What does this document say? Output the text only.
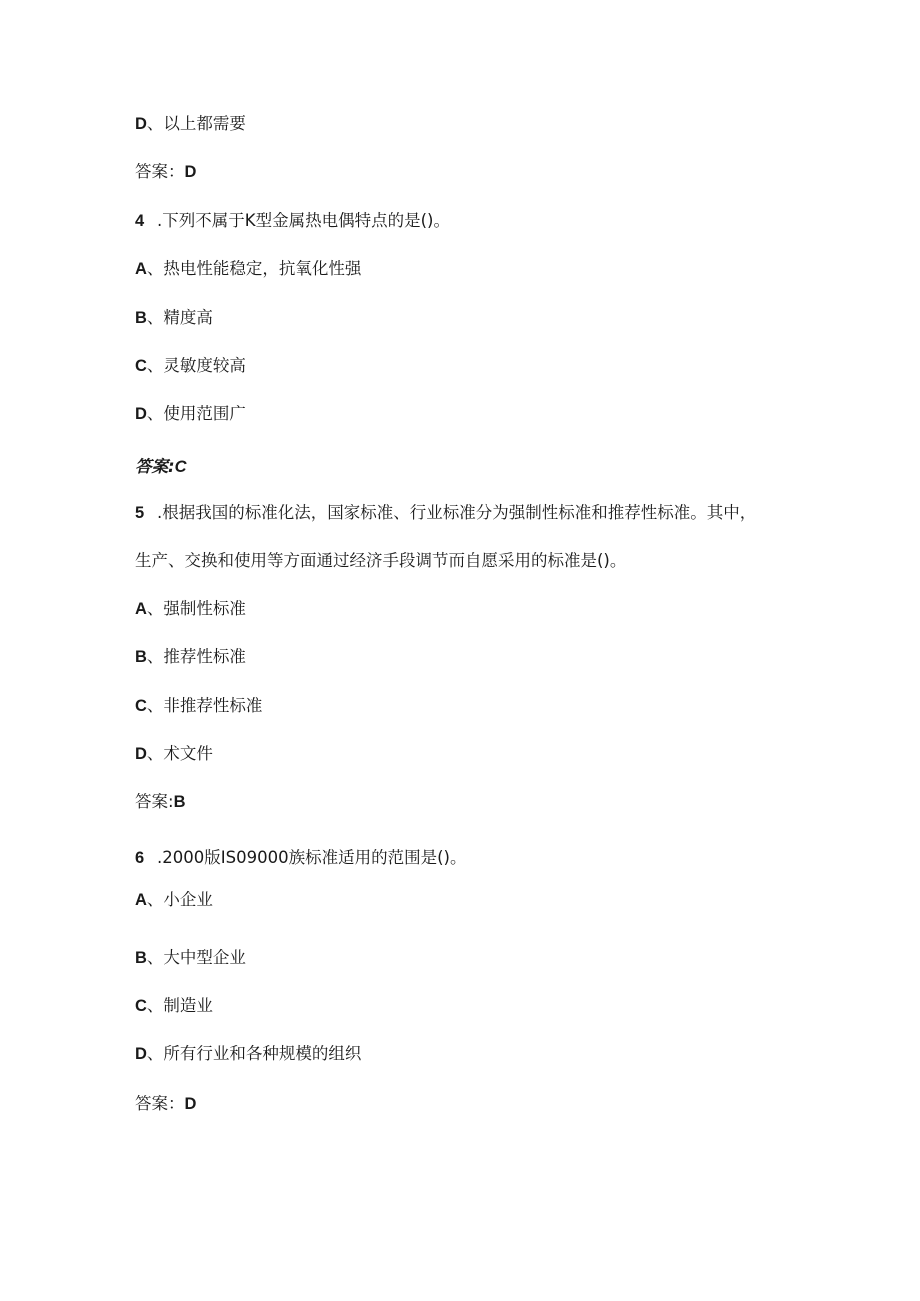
D、以上都需要
答案：D
4 .下列不属于K型金属热电偶特点的是()。
A、热电性能稳定，抗氧化性强
B、精度高
C、灵敏度较高
D、使用范围广
答案:C
5 .根据我国的标准化法，国家标准、行业标准分为强制性标准和推荐性标准。其中，
生产、交换和使用等方面通过经济手段调节而自愿采用的标准是()。
A、强制性标准
B、推荐性标准
C、非推荐性标准
D、术文件
答案:B
6 .2000版IS09000族标准适用的范围是()。
A、小企业
B、大中型企业
C、制造业
D、所有行业和各种规模的组织
答案：D
